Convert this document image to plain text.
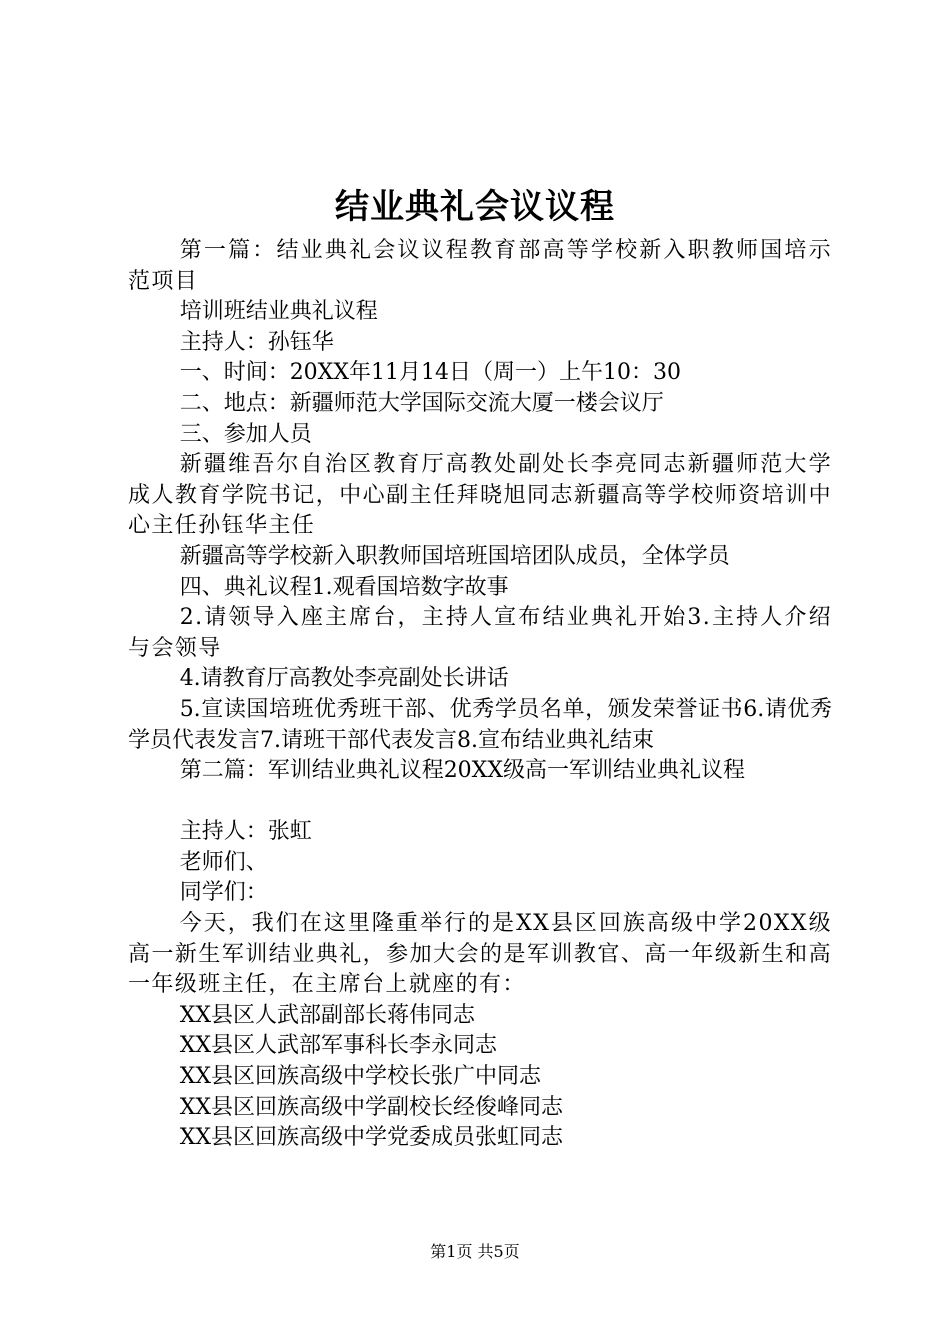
结业典礼会议议程

第一篇：结业典礼会议议程教育部高等学校新入职教师国培示范项目

培训班结业典礼议程

主持人：孙钰华

一、时间：20XX年11月14日（周一）上午10：30

二、地点：新疆师范大学国际交流大厦一楼会议厅

三、参加人员

新疆维吾尔自治区教育厅高教处副处长李亮同志新疆师范大学成人教育学院书记，中心副主任拜晓旭同志新疆高等学校师资培训中心主任孙钰华主任

新疆高等学校新入职教师国培班国培团队成员，全体学员

四、典礼议程1.观看国培数字故事

2.请领导入座主席台，主持人宣布结业典礼开始3.主持人介绍与会领导

4.请教育厅高教处李亮副处长讲话

5.宣读国培班优秀班干部、优秀学员名单，颁发荣誉证书6.请优秀学员代表发言7.请班干部代表发言8.宣布结业典礼结束

第二篇：军训结业典礼议程20XX级高一军训结业典礼议程

主持人：张虹

老师们、

同学们：

今天，我们在这里隆重举行的是XX县区回族高级中学20XX级高一新生军训结业典礼，参加大会的是军训教官、高一年级新生和高一年级班主任，在主席台上就座的有：

XX县区人武部副部长蒋伟同志

XX县区人武部军事科长李永同志

XX县区回族高级中学校长张广中同志

XX县区回族高级中学副校长经俊峰同志

XX县区回族高级中学党委成员张虹同志

第1页 共5页
